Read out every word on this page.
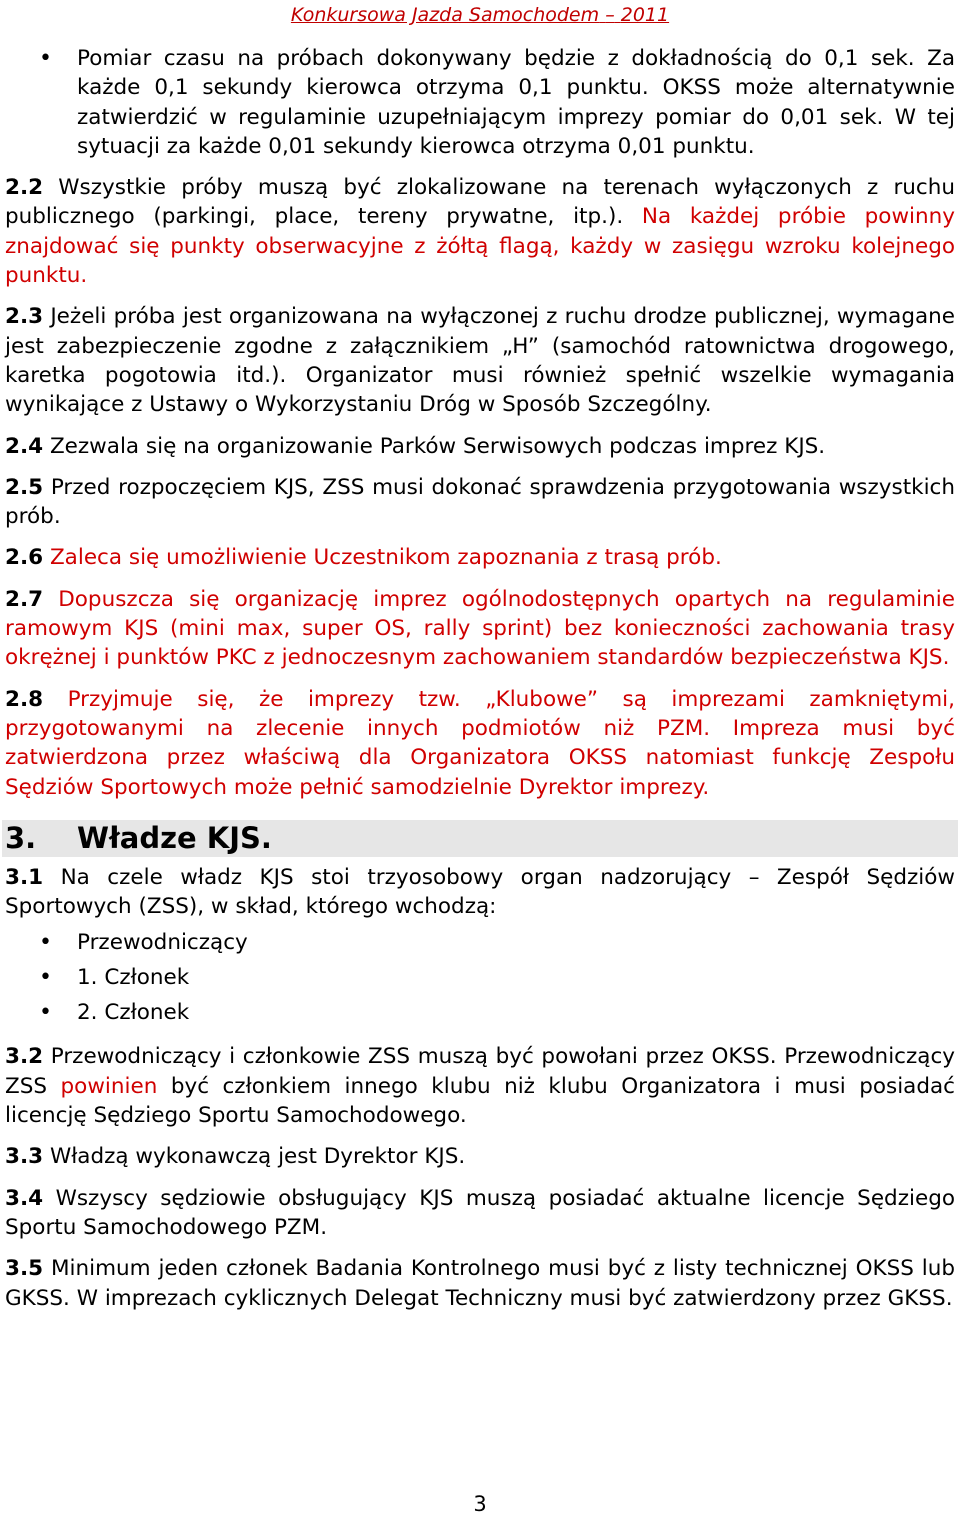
Konkursowa Jazda Samochodem – 2011
• Pomiar czasu na próbach dokonywany będzie z dokładnością do 0,1 sek. Za każde 0,1 sekundy kierowca otrzyma 0,1 punktu. OKSS może alternatywnie zatwierdzić w regulaminie uzupełniającym imprezy pomiar do 0,01 sek. W tej sytuacji za każde 0,01 sekundy kierowca otrzyma 0,01 punktu.

2.2 Wszystkie próby muszą być zlokalizowane na terenach wyłączonych z ruchu publicznego (parkingi, place, tereny prywatne, itp.). Na każdej próbie powinny znajdować się punkty obserwacyjne z żółtą flagą, każdy w zasięgu wzroku kolejnego punktu.

2.3 Jeżeli próba jest organizowana na wyłączonej z ruchu drodze publicznej, wymagane jest zabezpieczenie zgodne z załącznikiem „H” (samochód ratownictwa drogowego, karetka pogotowia itd.). Organizator musi również spełnić wszelkie wymagania wynikające z Ustawy o Wykorzystaniu Dróg w Sposób Szczególny.

2.4 Zezwala się na organizowanie Parków Serwisowych podczas imprez KJS.

2.5 Przed rozpoczęciem KJS, ZSS musi dokonać sprawdzenia przygotowania wszystkich prób.

2.6 Zaleca się umożliwienie Uczestnikom zapoznania z trasą prób.

2.7 Dopuszcza się organizację imprez ogólnodostępnych opartych na regulaminie ramowym KJS (mini max, super OS, rally sprint) bez konieczności zachowania trasy okrężnej i punktów PKC z jednoczesnym zachowaniem standardów bezpieczeństwa KJS.

2.8 Przyjmuje się, że imprezy tzw. „Klubowe” są imprezami zamkniętymi, przygotowanymi na zlecenie innych podmiotów niż PZM. Impreza musi być zatwierdzona przez właściwą dla Organizatora OKSS natomiast funkcję Zespołu Sędziów Sportowych może pełnić samodzielnie Dyrektor imprezy.

3. Władze KJS.

3.1 Na czele władz KJS stoi trzyosobowy organ nadzorujący – Zespół Sędziów Sportowych (ZSS), w skład, którego wchodzą:

• Przewodniczący
• 1. Członek
• 2. Członek

3.2 Przewodniczący i członkowie ZSS muszą być powołani przez OKSS. Przewodniczący ZSS powinien być członkiem innego klubu niż klubu Organizatora i musi posiadać licencję Sędziego Sportu Samochodowego.

3.3 Władzą wykonawczą jest Dyrektor KJS.

3.4 Wszyscy sędziowie obsługujący KJS muszą posiadać aktualne licencje Sędziego Sportu Samochodowego PZM.

3.5 Minimum jeden członek Badania Kontrolnego musi być z listy technicznej OKSS lub GKSS. W imprezach cyklicznych Delegat Techniczny musi być zatwierdzony przez GKSS.

3
